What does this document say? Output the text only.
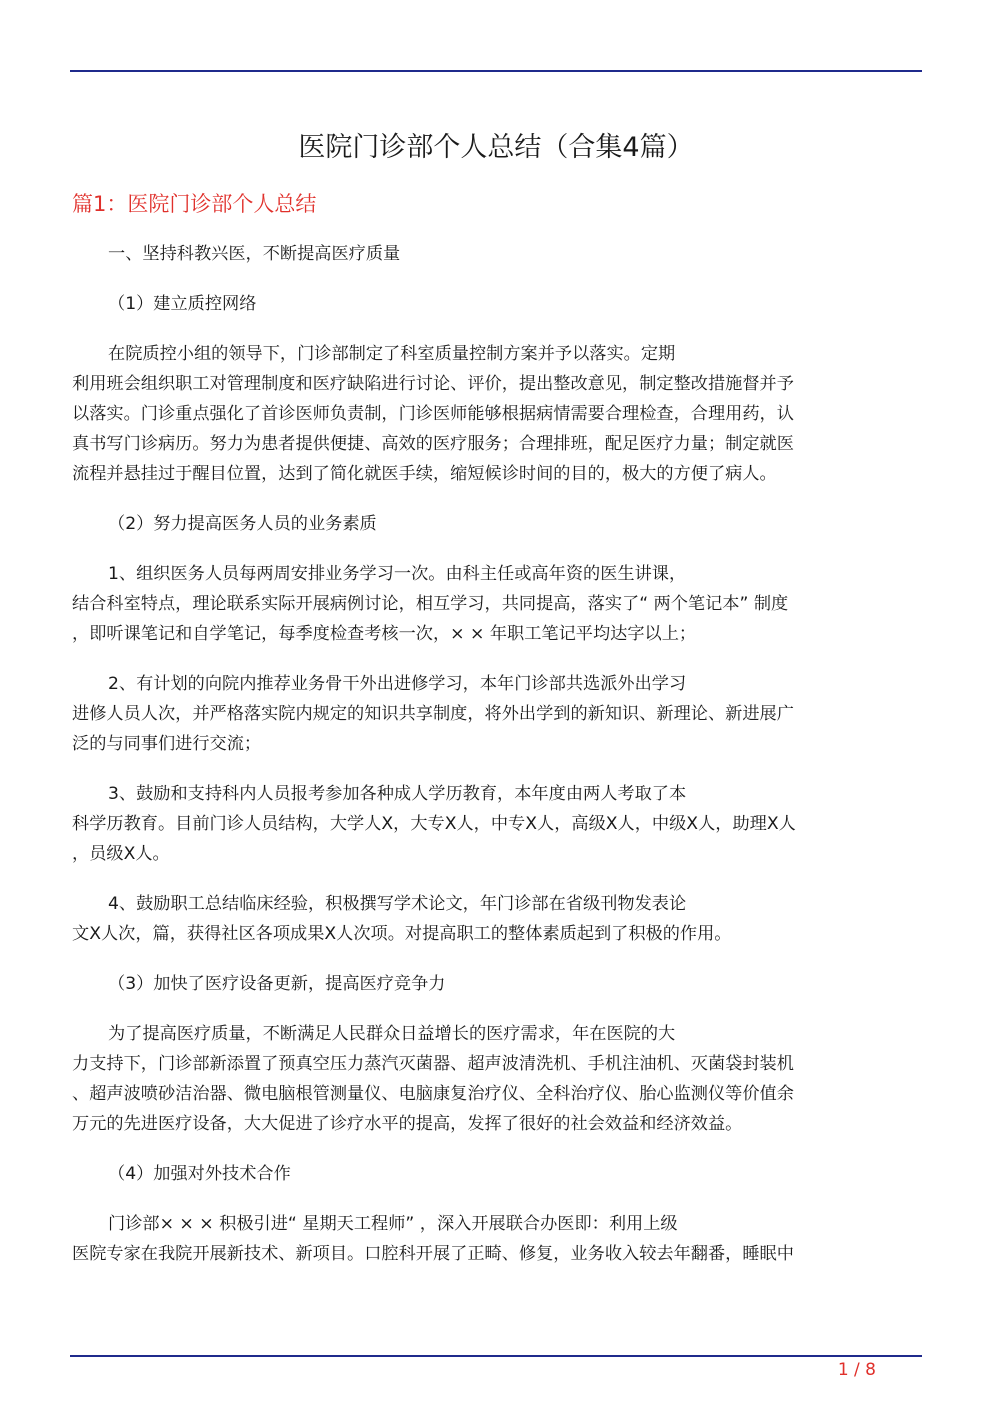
医院门诊部个人总结（合集4篇）
篇1：医院门诊部个人总结
一、坚持科教兴医，不断提高医疗质量
（1）建立质控网络
在院质控小组的领导下，门诊部制定了科室质量控制方案并予以落实。定期
利用班会组织职工对管理制度和医疗缺陷进行讨论、评价，提出整改意见，制定整改措施督并予
以落实。门诊重点强化了首诊医师负责制，门诊医师能够根据病情需要合理检查，合理用药，认
真书写门诊病历。努力为患者提供便捷、高效的医疗服务；合理排班，配足医疗力量；制定就医
流程并悬挂过于醒目位置，达到了简化就医手续，缩短候诊时间的目的，极大的方便了病人。
（2）努力提高医务人员的业务素质
1、组织医务人员每两周安排业务学习一次。由科主任或高年资的医生讲课，
结合科室特点，理论联系实际开展病例讨论，相互学习，共同提高，落实了“ 两个笔记本” 制度
，即听课笔记和自学笔记，每季度检查考核一次，× × 年职工笔记平均达字以上；
2、有计划的向院内推荐业务骨干外出进修学习，本年门诊部共选派外出学习
进修人员人次，并严格落实院内规定的知识共享制度，将外出学到的新知识、新理论、新进展广
泛的与同事们进行交流；
3、鼓励和支持科内人员报考参加各种成人学历教育，本年度由两人考取了本
科学历教育。目前门诊人员结构，大学人X，大专X人，中专X人，高级X人，中级X人，助理X人
，员级X人。
4、鼓励职工总结临床经验，积极撰写学术论文，年门诊部在省级刊物发表论
文X人次，篇，获得社区各项成果X人次项。对提高职工的整体素质起到了积极的作用。
（3）加快了医疗设备更新，提高医疗竞争力
为了提高医疗质量，不断满足人民群众日益增长的医疗需求，年在医院的大
力支持下，门诊部新添置了预真空压力蒸汽灭菌器、超声波清洗机、手机注油机、灭菌袋封装机
、超声波喷砂洁治器、微电脑根管测量仪、电脑康复治疗仪、全科治疗仪、胎心监测仪等价值余
万元的先进医疗设备，大大促进了诊疗水平的提高，发挥了很好的社会效益和经济效益。
（4）加强对外技术合作
门诊部× × × 积极引进“ 星期天工程师” ，深入开展联合办医即：利用上级
医院专家在我院开展新技术、新项目。口腔科开展了正畸、修复，业务收入较去年翻番，睡眠中
1 / 8
